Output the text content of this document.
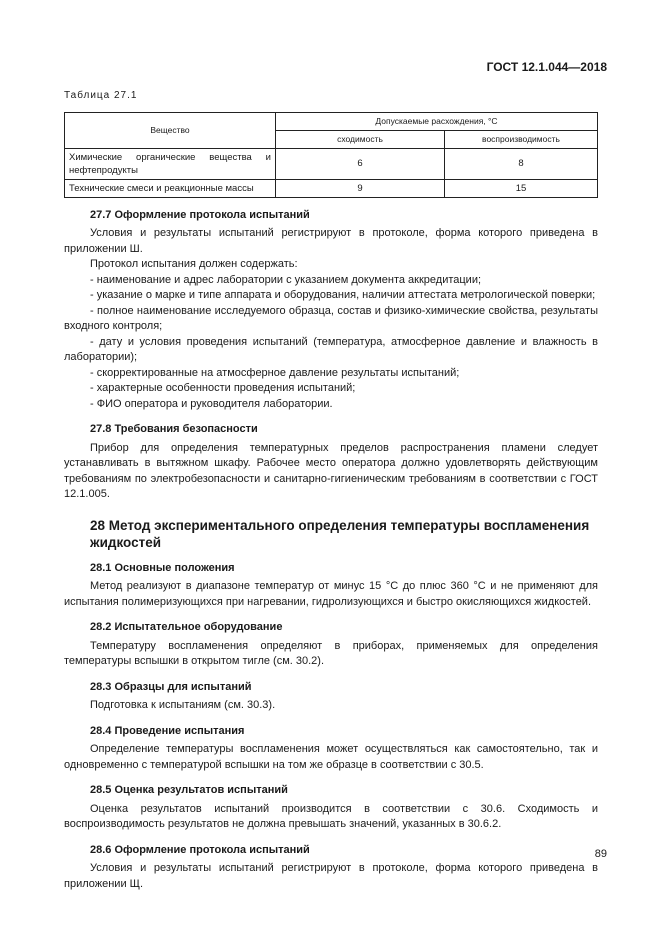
ГОСТ 12.1.044—2018
Таблица 27.1
Вещество	Допускаемые расхождения, °С	
	сходимость	воспроизводимость
Химические органические вещества и нефтепродукты	6	8
Технические смеси и реакционные массы	9	15
27.7 Оформление протокола испытаний

Условия и результаты испытаний регистрируют в протоколе, форма которого приведена в приложении Ш.

Протокол испытания должен содержать:

- наименование и адрес лаборатории с указанием документа аккредитации;

- указание о марке и типе аппарата и оборудования, наличии аттестата метрологической поверки;

- полное наименование исследуемого образца, состав и физико-химические свойства, результаты входного контроля;

- дату и условия проведения испытаний (температура, атмосферное давление и влажность в лаборатории);

- скорректированные на атмосферное давление результаты испытаний;

- характерные особенности проведения испытаний;

- ФИО оператора и руководителя лаборатории.

27.8 Требования безопасности

Прибор для определения температурных пределов распространения пламени следует устанавливать в вытяжном шкафу. Рабочее место оператора должно удовлетворять действующим требованиям по электробезопасности и санитарно-гигиеническим требованиям в соответствии с ГОСТ 12.1.005.

28 Метод экспериментального определения температуры воспламенения жидкостей
28.1 Основные положения

Метод реализуют в диапазоне температур от минус 15 °С до плюс 360 °С и не применяют для испытания полимеризующихся при нагревании, гидролизующихся и быстро окисляющихся жидкостей.

28.2 Испытательное оборудование

Температуру воспламенения определяют в приборах, применяемых для определения температуры вспышки в открытом тигле (см. 30.2).

28.3 Образцы для испытаний

Подготовка к испытаниям (см. 30.3).

28.4 Проведение испытания

Определение температуры воспламенения может осуществляться как самостоятельно, так и одновременно с температурой вспышки на том же образце в соответствии с 30.5.

28.5 Оценка результатов испытаний

Оценка результатов испытаний производится в соответствии с 30.6. Сходимость и воспроизводимость результатов не должна превышать значений, указанных в 30.6.2.

28.6 Оформление протокола испытаний

Условия и результаты испытаний регистрируют в протоколе, форма которого приведена в приложении Щ.

89
